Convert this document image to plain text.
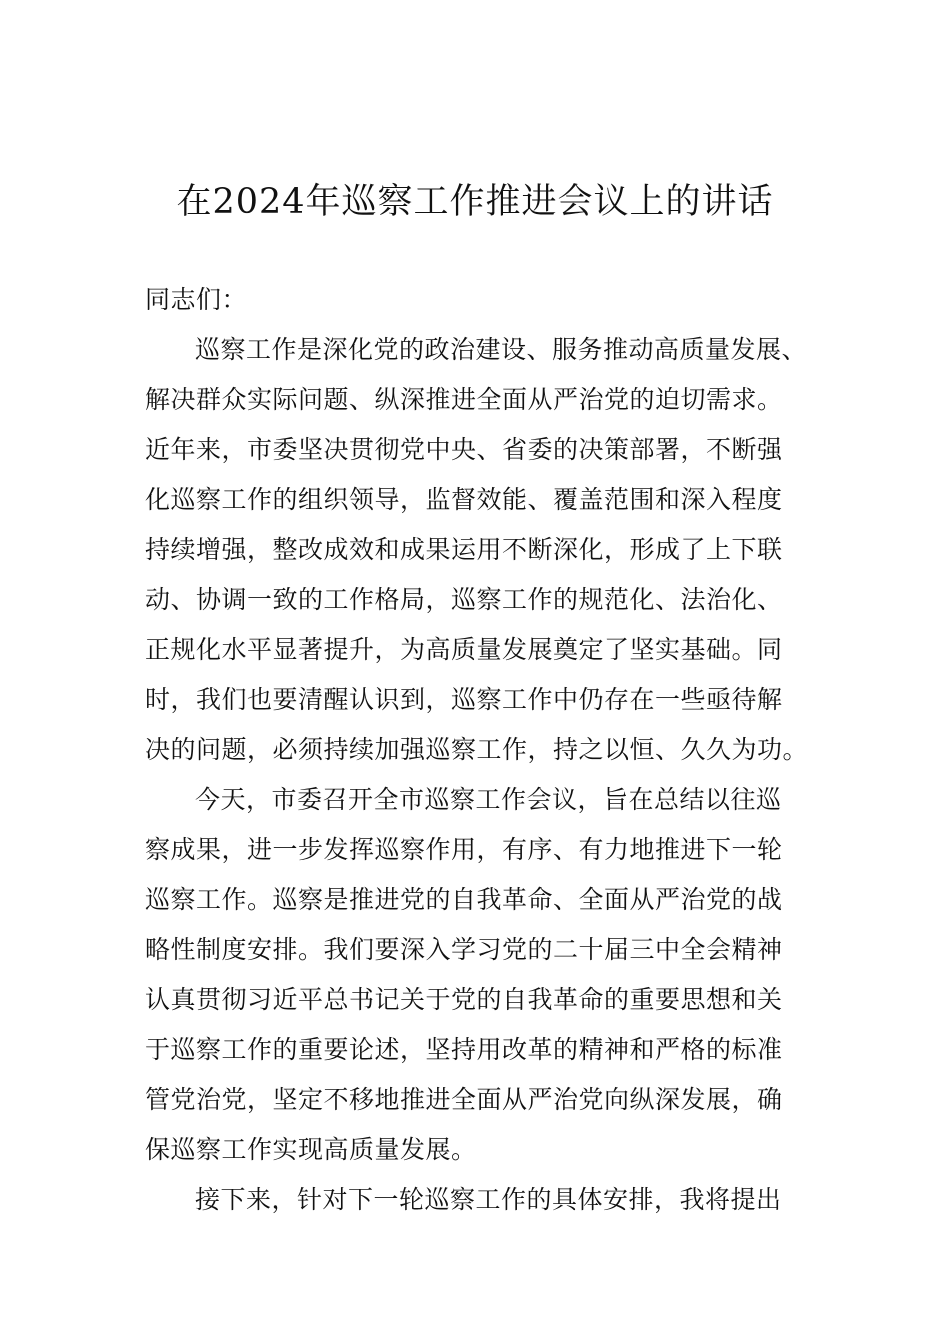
在2024年巡察工作推进会议上的讲话
同志们：
巡察工作是深化党的政治建设、服务推动高质量发展、
解决群众实际问题、纵深推进全面从严治党的迫切需求。
近年来，市委坚决贯彻党中央、省委的决策部署，不断强
化巡察工作的组织领导，监督效能、覆盖范围和深入程度
持续增强，整改成效和成果运用不断深化，形成了上下联
动、协调一致的工作格局，巡察工作的规范化、法治化、
正规化水平显著提升，为高质量发展奠定了坚实基础。同
时，我们也要清醒认识到，巡察工作中仍存在一些亟待解
决的问题，必须持续加强巡察工作，持之以恒、久久为功。
今天，市委召开全市巡察工作会议，旨在总结以往巡
察成果，进一步发挥巡察作用，有序、有力地推进下一轮
巡察工作。巡察是推进党的自我革命、全面从严治党的战
略性制度安排。我们要深入学习党的二十届三中全会精神
认真贯彻习近平总书记关于党的自我革命的重要思想和关
于巡察工作的重要论述，坚持用改革的精神和严格的标准
管党治党，坚定不移地推进全面从严治党向纵深发展，确
保巡察工作实现高质量发展。
接下来，针对下一轮巡察工作的具体安排，我将提出
